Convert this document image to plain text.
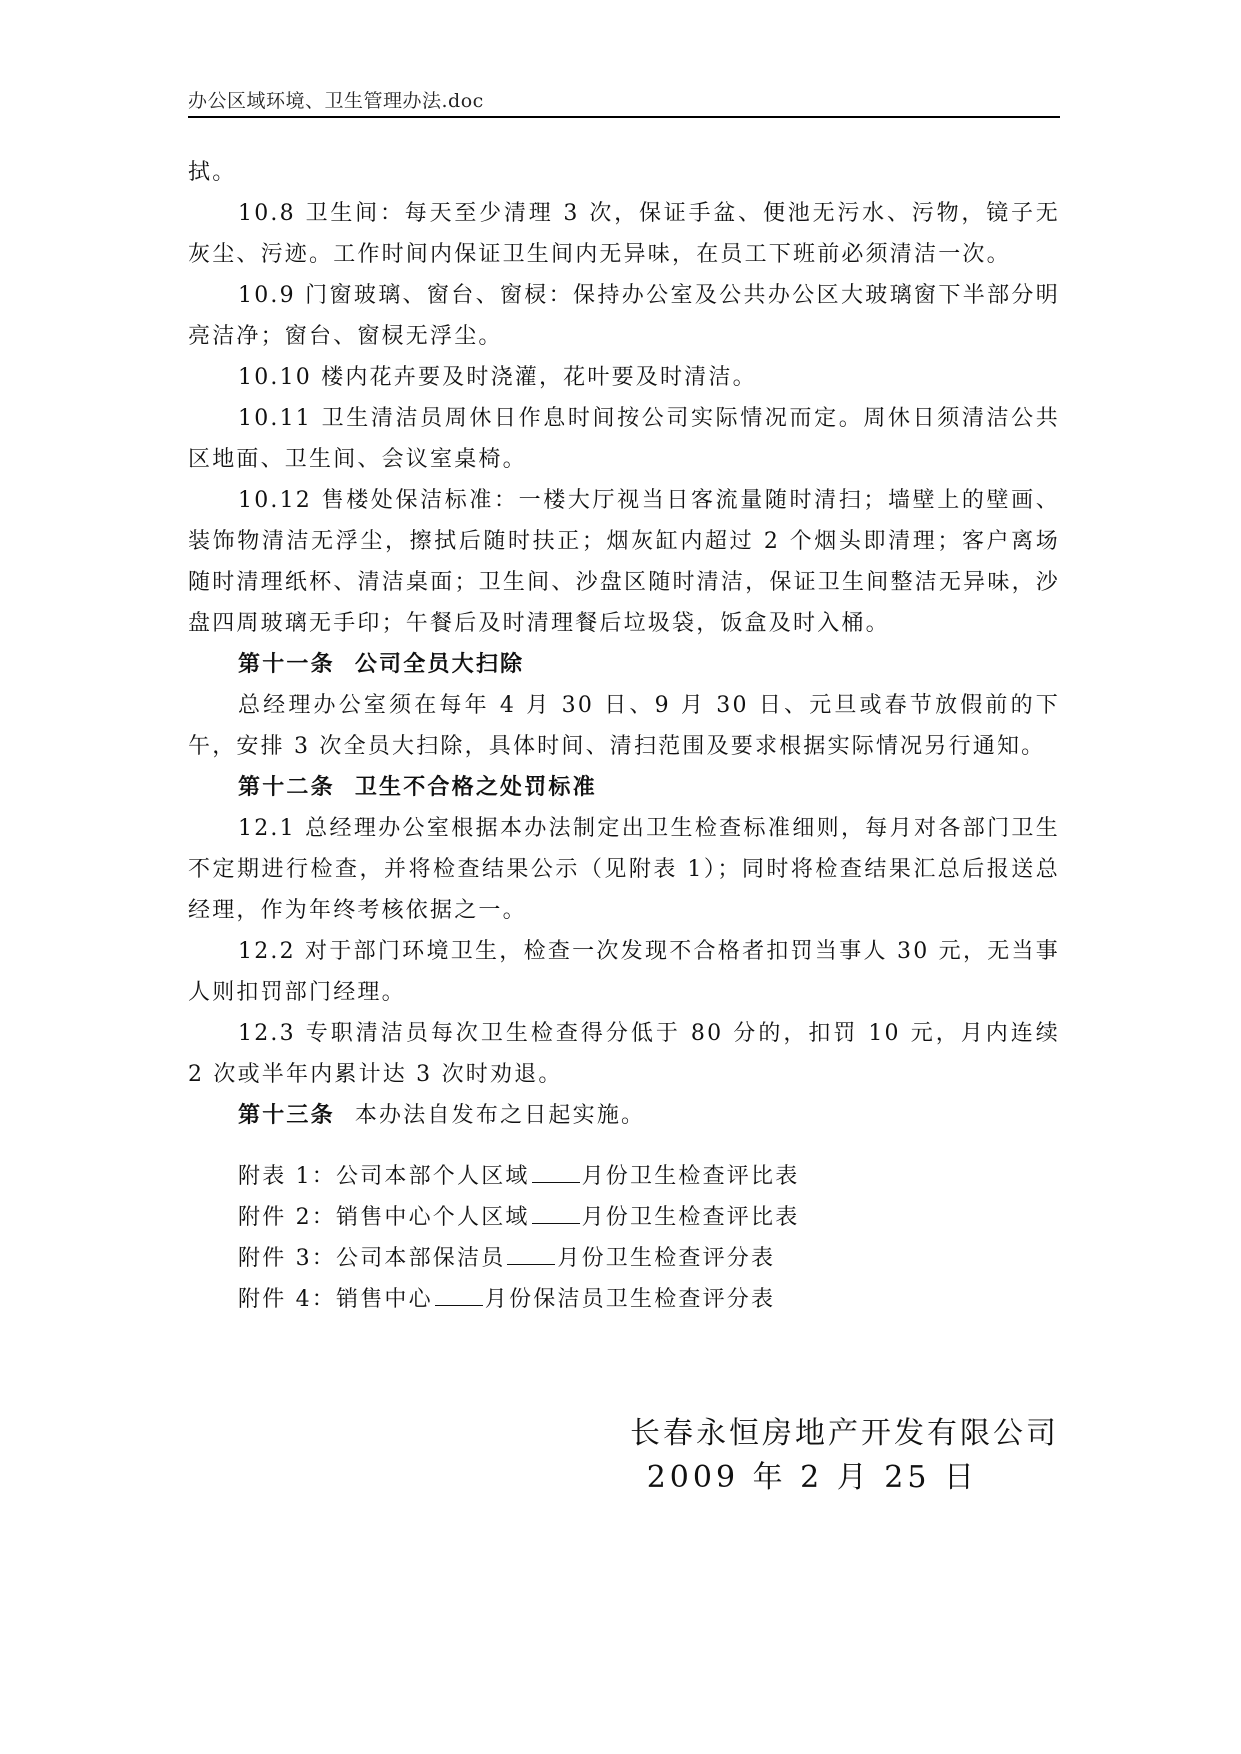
办公区域环境、卫生管理办法.doc

拭。

10.8 卫生间：每天至少清理 3 次，保证手盆、便池无污水、污物，镜子无灰尘、污迹。工作时间内保证卫生间内无异味，在员工下班前必须清洁一次。

10.9 门窗玻璃、窗台、窗棂：保持办公室及公共办公区大玻璃窗下半部分明亮洁净；窗台、窗棂无浮尘。

10.10 楼内花卉要及时浇灌，花叶要及时清洁。

10.11 卫生清洁员周休日作息时间按公司实际情况而定。周休日须清洁公共区地面、卫生间、会议室桌椅。

10.12 售楼处保洁标准：一楼大厅视当日客流量随时清扫；墙壁上的壁画、装饰物清洁无浮尘，擦拭后随时扶正；烟灰缸内超过 2 个烟头即清理；客户离场随时清理纸杯、清洁桌面；卫生间、沙盘区随时清洁，保证卫生间整洁无异味，沙盘四周玻璃无手印；午餐后及时清理餐后垃圾袋，饭盒及时入桶。

第十一条 公司全员大扫除

总经理办公室须在每年 4 月 30 日、9 月 30 日、元旦或春节放假前的下午，安排 3 次全员大扫除，具体时间、清扫范围及要求根据实际情况另行通知。

第十二条 卫生不合格之处罚标准

12.1 总经理办公室根据本办法制定出卫生检查标准细则，每月对各部门卫生不定期进行检查，并将检查结果公示（见附表 1）；同时将检查结果汇总后报送总经理，作为年终考核依据之一。

12.2 对于部门环境卫生，检查一次发现不合格者扣罚当事人 30 元，无当事人则扣罚部门经理。

12.3 专职清洁员每次卫生检查得分低于 80 分的，扣罚 10 元，月内连续 2 次或半年内累计达 3 次时劝退。

第十三条 本办法自发布之日起实施。

附表 1：公司本部个人区域 月份卫生检查评比表

附件 2：销售中心个人区域 月份卫生检查评比表

附件 3：公司本部保洁员 月份卫生检查评分表

附件 4：销售中心 月份保洁员卫生检查评分表

长春永恒房地产开发有限公司
2009 年 2 月 25 日
